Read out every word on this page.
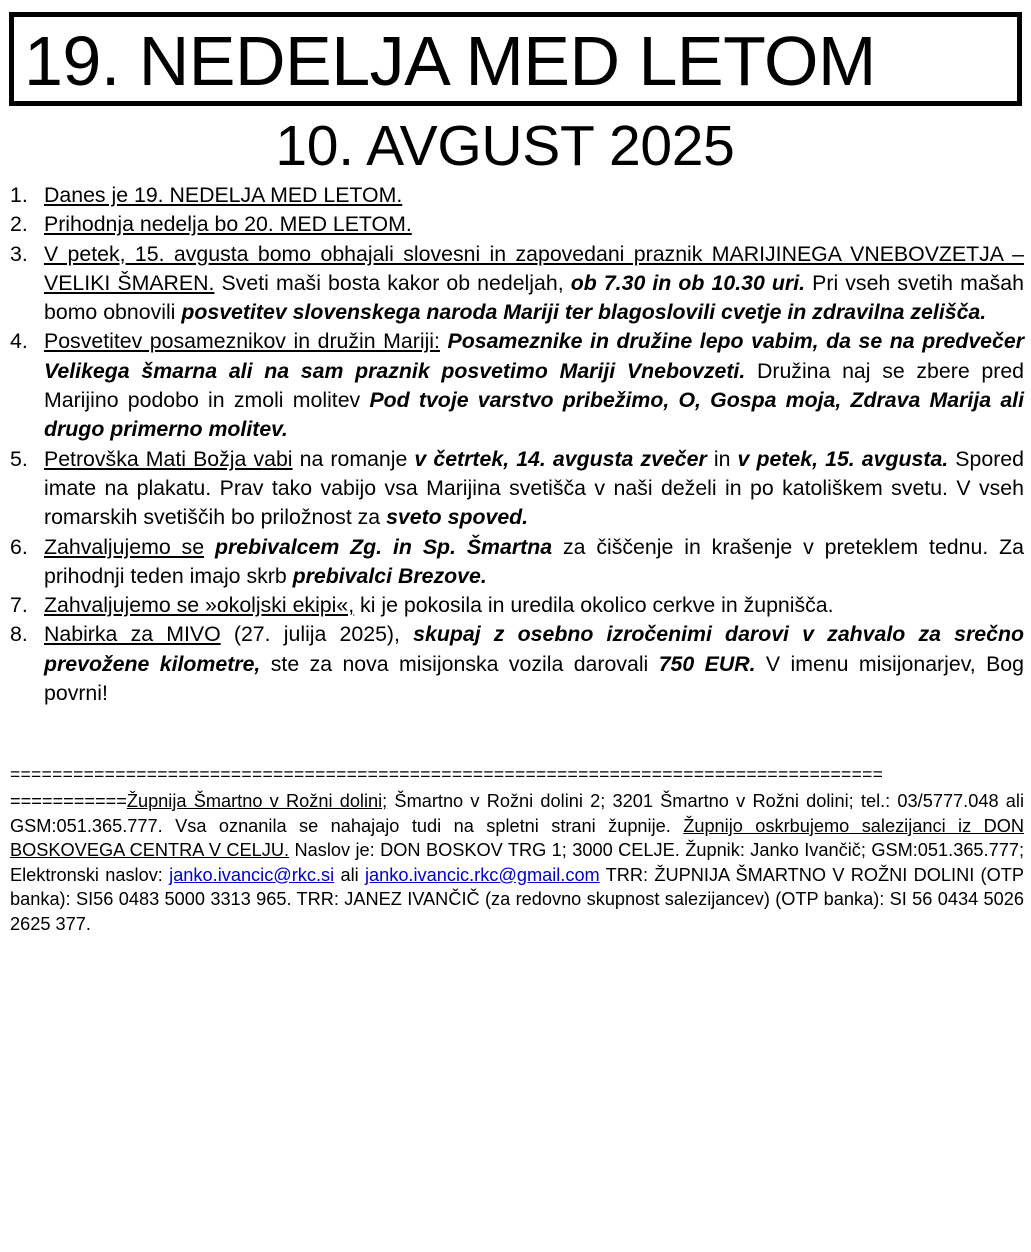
19. NEDELJA MED LETOM
10. AVGUST 2025
1. Danes je 19. NEDELJA MED LETOM.
2. Prihodnja nedelja bo 20. MED LETOM.
3. V petek, 15. avgusta bomo obhajali slovesni in zapovedani praznik MARIJINEGA VNEBOVZETJA – VELIKI ŠMAREN. Sveti maši bosta kakor ob nedeljah, ob 7.30 in ob 10.30 uri. Pri vseh svetih mašah bomo obnovili posvetitev slovenskega naroda Mariji ter blagoslovili cvetje in zdravilna zelišča.
4. Posvetitev posameznikov in družin Mariji: Posameznike in družine lepo vabim, da se na predvečer Velikega šmarna ali na sam praznik posvetimo Mariji Vnebovzeti. Družina naj se zbere pred Marijino podobo in zmoli molitev Pod tvoje varstvo pribežimo, O, Gospa moja, Zdrava Marija ali drugo primerno molitev.
5. Petrovška Mati Božja vabi na romanje v četrtek, 14. avgusta zvečer in v petek, 15. avgusta. Spored imate na plakatu. Prav tako vabijo vsa Marijina svetišča v naši deželi in po katoliškem svetu. V vseh romarskih svetiščih bo priložnost za sveto spoved.
6. Zahvaljujemo se prebivalcem Zg. in Sp. Šmartna za čiščenje in krašenje v preteklem tednu. Za prihodnji teden imajo skrb prebivalci Brezove.
7. Zahvaljujemo se »okoljski ekipi«, ki je pokosila in uredila okolico cerkve in župnišča.
8. Nabirka za MIVO (27. julija 2025), skupaj z osebno izročenimi darovi v zahvalo za srečno prevožene kilometre, ste za nova misijonska vozila darovali 750 EUR. V imenu misijonarjev, Bog povrni!
===================================================================================
===========Župnija Šmartno v Rožni dolini; Šmartno v Rožni dolini 2; 3201 Šmartno v Rožni dolini; tel.: 03/5777.048 ali GSM:051.365.777. Vsa oznanila se nahajajo tudi na spletni strani župnije. Župnijo oskrbujemo salezijanci iz DON BOSKOVEGA CENTRA V CELJU. Naslov je: DON BOSKOV TRG 1; 3000 CELJE. Župnik: Janko Ivančič; GSM:051.365.777; Elektronski naslov: janko.ivancic@rkc.si ali janko.ivancic.rkc@gmail.com TRR: ŽUPNIJA ŠMARTNO V ROŽNI DOLINI (OTP banka): SI56 0483 5000 3313 965. TRR: JANEZ IVANČIČ (za redovno skupnost salezijancev) (OTP banka): SI 56 0434 5026 2625 377.
